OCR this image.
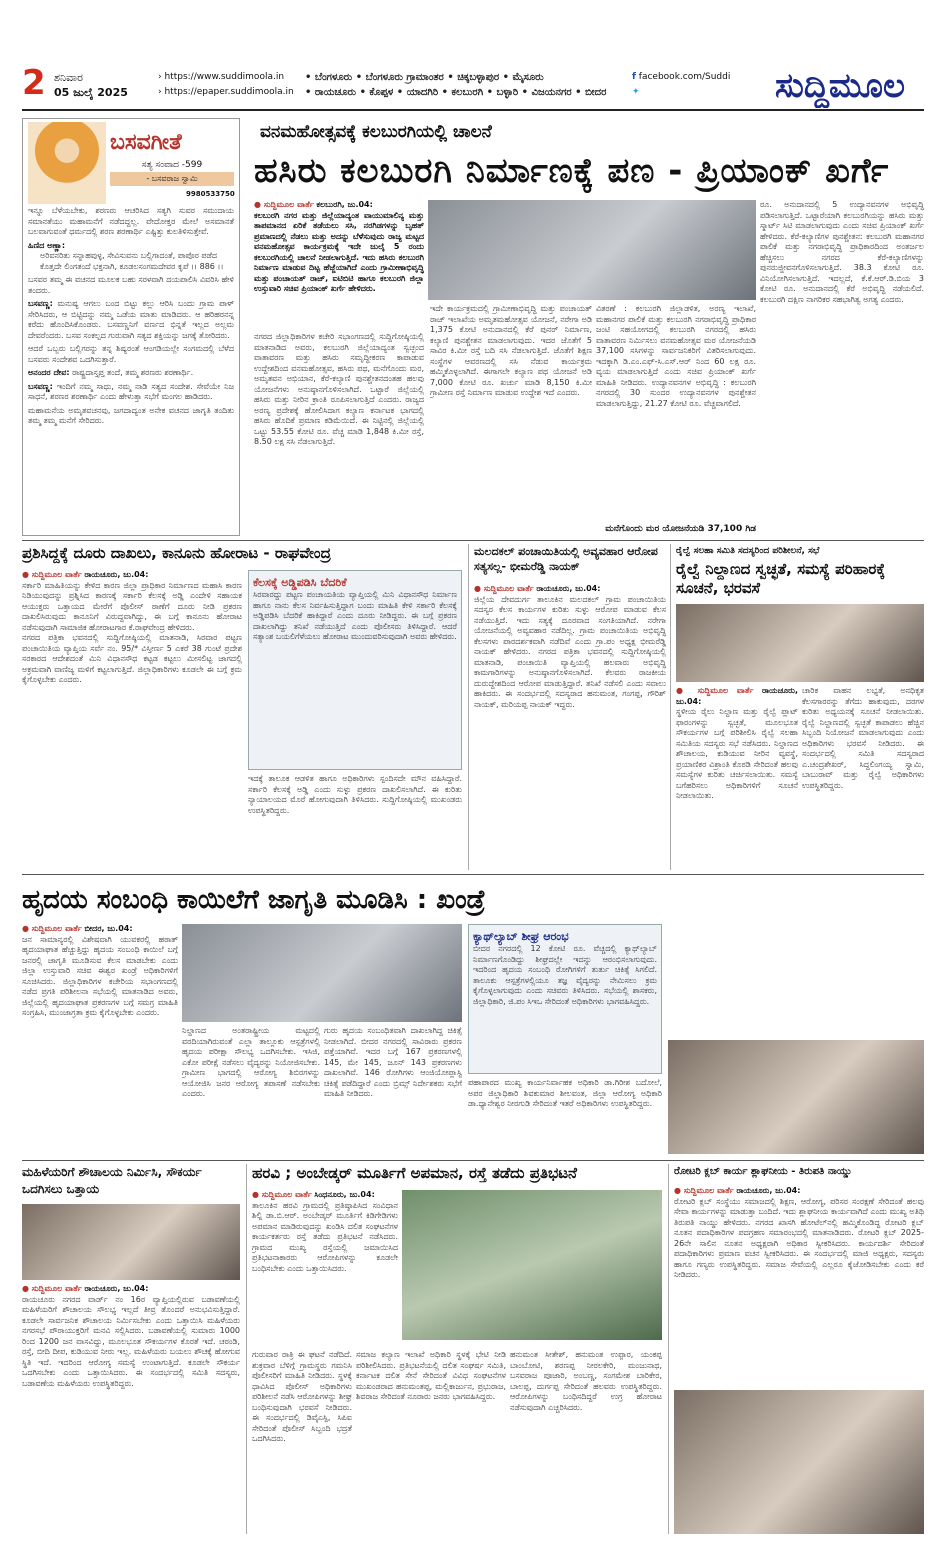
2 ಶನಿವಾರ
05 ಜುಲೈ 2025
› https://www.suddimoola.in
› https://epaper.suddimoola.in
• ಬೆಂಗಳೂರು • ಬೆಂಗಳೂರು ಗ್ರಾಮಾಂತರ • ಚಿಕ್ಕಬಳ್ಳಾಪುರ • ಮೈಸೂರು
• ರಾಯಚೂರು • ಕೊಪ್ಪಳ • ಯಾದಗಿರಿ • ಕಲಬುರಗಿ • ಬಳ್ಳಾರಿ • ವಿಜಯನಗರ • ಬೀದರ
f facebook.com/Suddi
✦	ಸುದ್ದಿಮೂಲ
ಬಸವಗೀತೆ
ಸತ್ಯ ಸಂವಾದ -599
- ಬಸವರಾಜ ಸ್ವಾಮಿ
9980533750

ಇನ್ನೂ ಬೆಳೆಯಬೇಕು, ಶರಣರು ಆಚರಿಸಿದ ಸತ್ಯಗಿ ಸುವರ ಸಮುದಾಯ ಸಮಾನತೆಯು ಮಹಾಮನೆಗೆ ನಡೆದದ್ದಲ್ಲ. ವೇದೋಕ್ತರ ಮೇಲೆ ಅಸಮಾನತೆ ಬಲವಾಗುವಂತೆ ಧರ್ಮದಲ್ಲಿ ಶರಣ ಶರಣಾರ್ಥಿ ಎಷ್ಟಿತ್ತು ಕುಲತಿಳಿಸುತ್ತೇವೆ.

ಹಿಣಿದ ಅಣ್ಣಾ:

ಅರಿವನರಿತು ಸನ್ನಾಹವುಳ್ಳ, ಸೇವಿಸುವನು ಬಲ್ಲಿಗಾದಂತೆ, ಪಾಪೊರ ಪಡೆದ ಕೊತ್ತದೇ ಲಿಂಗತಂದೆ ಭಕ್ತನಾಗಿ, ಕೂಡಲಸಂಗಮದೇವರ ಕೃಪೆ ।। 886 ।।

ಬಸವರ ತಮ್ಮ ಈ ವಚನದ ಮೂಲಕ ಬಹು ಸರಳವಾಗಿ ದಯಪಾಲಿಸಿ ವಿವರಿಸಿ ಹೇಳಿ ತಂದರು.

ಬಸವಣ್ಣ: ಮನುಷ್ಯ ಆಗಲು ಬಂದ ಬಿಟ್ಟು ಕಲ್ಲು ಆರಿಸಿ ಬಂದು ಗ್ರಾಮ ಪಾಳ್ ಸೇರಿಸಿದರು, ಆ ಬಿಟ್ಟಿದನ್ನು ನಮ್ಮ ಒಡೆಯ ಮಾತು ಮಾಡಿದರು. ಆ ಹರಿಹರನನ್ನ ಕರೆದು ಹೊಂದಿಸಿಕೊಂಡರು. ಬಸವಣ್ಣನಿಗೆ ವರ್ಣದ ಭಿನ್ನತೆ ಇಲ್ಲದ ಅಲ್ಲಮ ದೇವರೆಂದರು. ಬಸವ ಸಂಕಲ್ಪದ ಗುರುವಾಗಿ ಸತ್ಯದ ಶಕ್ತಿಯನ್ನು ಜಗಕ್ಕೆ ತೋರಿದರು.

ಆದರೆ ಒಬ್ಬರು ಬಲ್ಲಿಗರನ್ನು ತನ್ನ ಶಿಷ್ಯರಂತೆ ಆಂಗಡಿಯಲ್ಲೇ ಸಂಗಮದಲ್ಲಿ ಬೆಳೆದ ಬಸವರು ಸಂದೇಶವ ಒದಗಿಸುತ್ತಾರೆ.

ಅನಂದರ ದೇವ: ರಾಷ್ಟ್ರದಾಸ್ತೃಪ್ತ ತಂದೆ, ತಮ್ಮ ಶರಣರು ಶರಣಾರ್ಥಿ.

ಬಸವಣ್ಣ: ಇಂದಿಗೆ ನಮ್ಮ ಸಾಧು, ನಮ್ಮ ನಾಡಿ ಸತ್ಯದ ಸಂದೇಶ. ಸೇವೆಯೇ ನಿಜ ಸಾಧನೆ, ಶರಣರ ಶರಣಾರ್ಥಿ ಎಂದು ಹೇಳುತ್ತಾ ಸಭೆಗೆ ಮಂಗಲ ಹಾಡಿದರು.

ಮಹಾಮನೆಯ ಅಮೃತವಚನವು, ಜಗದಾದ್ಯಂತ ಅನೇಕ ವಚನದ ಜಾಗೃತಿ ತಂದಿತು ತಮ್ಮ ತಮ್ಮ ಮನೆಗೆ ಸೇರಿದರು.

ವನಮಹೋತ್ಸವಕ್ಕೆ ಕಲಬುರಗಿಯಲ್ಲಿ ಚಾಲನೆ
ಹಸಿರು ಕಲಬುರಗಿ ನಿರ್ಮಾಣಕ್ಕೆ ಪಣ - ಪ್ರಿಯಾಂಕ್ ಖರ್ಗೆ
● ಸುದ್ದಿಮೂಲ ವಾರ್ತೆ ಕಲಬುರಗಿ, ಜು.04:
ಕಲಬುರಗಿ ನಗರ ಮತ್ತು ಜಿಲ್ಲೆಯಾದ್ಯಂತ ವಾಯುಮಾಲಿನ್ಯ ಮತ್ತು ತಾಪಮಾನದ ಏರಿಕೆ ತಡೆಯಲು ಸಸಿ, ನರಗಿಡಗಳನ್ನು ಬೃಹತ್ ಪ್ರಮಾಣದಲ್ಲಿ ನೆಡಲು ಮತ್ತು ಅದನ್ನು ಬೆಳೆಸುವುದು ರಾಜ್ಯ ಮಟ್ಟದ ವನಮಹೋತ್ಸವ ಕಾರ್ಯಕ್ರಮಕ್ಕೆ ಇದೇ ಜುಲೈ 5 ರಂದು ಕಲಬುರಗಿಯಲ್ಲಿ ಚಾಲನೆ ನೀಡಲಾಗುತ್ತಿದೆ. ಇದು ಹಸಿರು ಕಲಬುರಗಿ ನಿರ್ಮಾಣ ಮಾಡುವ ದಿಟ್ಟ ಹೆಜ್ಜೆಯಾಗಿದೆ ಎಂದು ಗ್ರಾಮೀಣಾಭಿವೃದ್ಧಿ ಮತ್ತು ಪಂಚಾಯತ್ ರಾಜ್, ಐಟಿಬಿಟಿ ಹಾಗೂ ಕಲಬುರಗಿ ಜಿಲ್ಲಾ ಉಸ್ತುವಾರಿ ಸಚಿವ ಪ್ರಿಯಾಂಕ್ ಖರ್ಗೆ ಹೇಳಿದರು.
ನಗರದ ಜಿಲ್ಲಾಧಿಕಾರಿಗಳ ಕಚೇರಿ ಸಭಾಂಗಣದಲ್ಲಿ ಸುದ್ದಿಗೋಷ್ಠಿಯಲ್ಲಿ ಮಾತನಾಡಿದ ಅವರು, ಕಲಬುರಗಿ ಜಿಲ್ಲೆಯಾದ್ಯಂತ ಸ್ವಚ್ಛಂದ ವಾತಾವರಣ ಮತ್ತು ಹಸಿರು ಸಮೃದ್ಧೀಕರಣ ಕಾಪಾಡುವ ಉದ್ದೇಶದಿಂದ ವನಮಹೋತ್ಸವ, ಹಸಿರು ಪಥ, ಮನೆಗೊಂದು ಮರ, ಅಮೃತವನ ಅಭಿಯಾನ, ಕೆರೆ-ಕಲ್ಯಾಣಿ ಪುನಶ್ಚೇತನದಂತಹ ಹಲವು ಯೋಜನೆಗಳು ಅನುಷ್ಠಾನಗೊಳಿಸಲಾಗಿದೆ. ಒಟ್ಟಾರೆ ಜಿಲ್ಲೆಯಲ್ಲಿ ಹಸಿರು ಮತ್ತು ನೀರಿನ ಕ್ರಾಂತಿ ರೂಪಿಸಲಾಗುತ್ತಿದೆ ಎಂದರು. ರಾಜ್ಯದ ಅರಣ್ಯ ಪ್ರದೇಶಕ್ಕೆ ಹೋಲಿಸಿದಾಗ ಕಲ್ಯಾಣ ಕರ್ನಾಟಕ ಭಾಗದಲ್ಲಿ ಹಸಿರು ಹೊದಿಕೆ ಪ್ರಮಾಣ ಕಡಿಮೆಯಿದೆ. ಈ ನಿಟ್ಟಿನಲ್ಲಿ ಜಿಲ್ಲೆಯಲ್ಲಿ ಒಟ್ಟು 53.55 ಕೋಟಿ ರೂ. ವೆಚ್ಚ ಮಾಡಿ 1,848 ಕಿ.ಮೀ ರಸ್ತೆ, 8.50 ಲಕ್ಷ ಸಸಿ ನೆಡಲಾಗುತ್ತಿದೆ.
ಇದೇ ಕಾರ್ಯಕ್ರಮದಲ್ಲಿ ಗ್ರಾಮೀಣಾಭಿವೃದ್ಧಿ ಮತ್ತು ಪಂಚಾಯತ್ ರಾಜ್ ಇಲಾಖೆಯ ಅಮೃತಮಹೋತ್ಸವ ಯೋಜನೆ, ನರೇಗಾ ಅಡಿ 1,375 ಕೋಟಿ ಅನುದಾನದಲ್ಲಿ ಕೆರೆ ಪುನರ್ ನಿರ್ಮಾಣ, ಕಲ್ಯಾಣಿ ಪುನಶ್ಚೇತನ ಮಾಡಲಾಗುವುದು. ಇದರ ಜೊತೆಗೆ 5 ಸಾವಿರ ಕಿ.ಮೀ ರಸ್ತೆ ಬದಿ ಸಸಿ ನೆಡಲಾಗುತ್ತಿದೆ. ಜೊತೆಗೆ ಶಿಕ್ಷಣ ಸಂಸ್ಥೆಗಳ ಆವರಣದಲ್ಲಿ ಸಸಿ ನೆಡುವ ಕಾರ್ಯಕ್ರಮ ಹಮ್ಮಿಕೊಳ್ಳಲಾಗಿದೆ. ಈಗಾಗಲೇ ಕಲ್ಯಾಣ ಪಥ ಯೋಜನೆ ಅಡಿ 7,000 ಕೋಟಿ ರೂ. ಖರ್ಚು ಮಾಡಿ 8,150 ಕಿ.ಮೀ ಗ್ರಾಮೀಣ ರಸ್ತೆ ನಿರ್ಮಾಣ ಮಾಡುವ ಉದ್ದೇಶ ಇದೆ ಎಂದರು.
ವಿತರಣೆ : ಕಲಬುರಗಿ ಜಿಲ್ಲಾಡಳಿತ, ಅರಣ್ಯ ಇಲಾಖೆ, ಮಹಾನಗರ ಪಾಲಿಕೆ ಮತ್ತು ಕಲಬುರಗಿ ನಗರಾಭಿವೃದ್ಧಿ ಪ್ರಾಧಿಕಾರ ಜಂಟಿ ಸಹಯೋಗದಲ್ಲಿ ಕಲಬುರಗಿ ನಗರದಲ್ಲಿ ಹಸಿರು ವಾತಾವರಣ ನಿರ್ಮಿಸಲು ವನಮಹೋತ್ಸವ ಮರ ಯೋಜನೆಯಡಿ 37,100 ಸಸಿಗಳನ್ನು ಸಾರ್ವಜನಿಕರಿಗೆ ವಿತರಿಸಲಾಗುವುದು. ಇದಕ್ಕಾಗಿ ಡಿ.ಎಂ.ಎಫ್-ಸಿ.ಎಸ್.ಆರ್ ನಿಂದ 60 ಲಕ್ಷ ರೂ. ವ್ಯಯ ಮಾಡಲಾಗುತ್ತಿದೆ ಎಂದು ಸಚಿವ ಪ್ರಿಯಾಂಕ್ ಖರ್ಗೆ ಮಾಹಿತಿ ನೀಡಿದರು. ಉದ್ಯಾನವನಗಳ ಅಭಿವೃದ್ಧಿ : ಕಲಬುರಗಿ ನಗರದಲ್ಲಿ 30 ಸುಂದರ ಉದ್ಯಾನವನಗಳ ಪುನಶ್ಚೇತನ ಮಾಡಲಾಗುತ್ತಿದ್ದು, 21.27 ಕೋಟಿ ರೂ. ವೆಚ್ಚವಾಗಲಿದೆ.
ರೂ. ಅನುದಾನದಲ್ಲಿ 5 ಉದ್ಯಾನವನಗಳ ಅಭಿವೃದ್ಧಿ ಪಡಿಸಲಾಗುತ್ತಿದೆ. ಒಟ್ಟಾರೆಯಾಗಿ ಕಲಬುರಗಿಯನ್ನು ಹಸಿರು ಮತ್ತು ಸ್ಮಾರ್ಟ್ ಸಿಟಿ ಮಾಡಲಾಗುವುದು ಎಂದು ಸಚಿವ ಪ್ರಿಯಾಂಕ್ ಖರ್ಗೆ ಹೇಳಿದರು. ಕೆರೆ-ಕಲ್ಯಾಣಿಗಳ ಪುನಶ್ಚೇತನ: ಕಲಬುರಗಿ ಮಹಾನಗರ ಪಾಲಿಕೆ ಮತ್ತು ನಗರಾಭಿವೃದ್ಧಿ ಪ್ರಾಧಿಕಾರದಿಂದ ಅಂತರ್ಜಲ ಹೆಚ್ಚಿಸಲು ನಗರದ ಕೆರೆ-ಕಲ್ಯಾಣಿಗಳನ್ನು ಪುನರುಜ್ಜೀವನಗೊಳಿಸಲಾಗುತ್ತಿದೆ. 38.3 ಕೋಟಿ ರೂ. ವಿನಿಯೋಗಿಸಲಾಗುತ್ತಿದೆ. ಇದಲ್ಲದೆ, ಕೆ.ಕೆ.ಆರ್.ಡಿ.ಬಿಯ 3 ಕೋಟಿ ರೂ. ಅನುದಾನದಲ್ಲಿ ಕೆರೆ ಅಭಿವೃದ್ಧಿ ನಡೆಯಲಿದೆ. ಕಲಬುರಗಿ ದಕ್ಷಿಣ ನಾಗರಿಕರ ಸಹಭಾಗಿತ್ವ ಅಗತ್ಯ ಎಂದರು.
ಮನೆಗೊಂದು ಮರ ಯೋಜನೆಯಡಿ 37,100 ಗಿಡ
ಪ್ರಶಿಸಿದ್ದಕ್ಕೆ ದೂರು ದಾಖಲು, ಕಾನೂನು ಹೋರಾಟ - ರಾಘವೇಂದ್ರ
● ಸುದ್ದಿಮೂಲ ವಾರ್ತೆ ರಾಯಚೂರು, ಜು.04:
ಸರ್ಕಾರಿ ಮಾಹಿತಿಯನ್ನು ಕೇಳಿದ ಕಾರಣ ಜಿಲ್ಲಾ ಪ್ರಾಧಿಕಾರ ನಿರ್ಮಾಣದ ಮಹಾಸಿ ಕಾರಣ ನಿಡಿಯುವುದನ್ನು ಪ್ರಶ್ನಿಸಿದ ಕಾರಣಕ್ಕೆ ಸರ್ಕಾರಿ ಕೆಲಸಕ್ಕೆ ಅಡ್ಡಿ ಎಂದೇಳಿ ಸಹಾಯಕ ಆಯುಕ್ತರು ಒತ್ತಾಯದ ಮೇರೆಗೆ ಪೊಲೀಸ್ ಠಾಣೆಗೆ ದೂರು ನೀಡಿ ಪ್ರಕರಣ ದಾಖಲಿಸಿರುವುದು ಕಾನೂನಿಗೆ ವಿರುದ್ಧವಾಗಿದ್ದು, ಈ ಬಗ್ಗೆ ಕಾನೂನು ಹೋರಾಟ ನಡೆಸುವುದಾಗಿ ಸಾಮಾಜಿಕ ಹೋರಾಟಗಾರ ಕೆ.ರಾಘವೇಂದ್ರ ಹೇಳಿದರು.
ನಗರದ ಪತ್ರಿಕಾ ಭವನದಲ್ಲಿ ಸುದ್ದಿಗೋಷ್ಠಿಯಲ್ಲಿ ಮಾತನಾಡಿ, ಸಿರವಾರ ಪಟ್ಟಣ ಪಂಚಾಯಿತಿಯ ವ್ಯಾಪ್ತಿಯ ಸರ್ವೆ ನಂ. 95/* ವಿಸ್ತೀರ್ಣ 5 ಎಕರೆ 38 ಗುಂಟೆ ಪ್ರದೇಶ ಸರಕಾರದ ಆದೇಶದಂತೆ ಮಿನಿ ವಿಧಾನಸೌಧ ಕಟ್ಟಡ ಕಟ್ಟಲು ಮೀಸಲಿಟ್ಟ ಜಾಗದಲ್ಲಿ ಅಕ್ರಮವಾಗಿ ವಾಣಿಜ್ಯ ಮಳಿಗೆ ಕಟ್ಟಲಾಗುತ್ತಿದೆ. ಜಿಲ್ಲಾಧಿಕಾರಿಗಳು ಕೂಡಲೇ ಈ ಬಗ್ಗೆ ಕ್ರಮ ಕೈಗೊಳ್ಳಬೇಕು ಎಂದರು.
ಕೆಲಸಕ್ಕೆ ಅಡ್ಡಿಪಡಿಸಿ ಬೆದರಿಕೆ
ಸಿರವಾರದ್ದು ಪಟ್ಟಣ ಪಂಚಾಯತಿಯ ವ್ಯಾಪ್ತಿಯಲ್ಲಿ ಮಿನಿ ವಿಧಾನಸೌಧ ನಿರ್ಮಾಣ ಹಾಗೂ ನಾನು ಕೆಲಸ ನಿರ್ವಹಿಸುತ್ತಿದ್ದಾಗ ಬಂದು ಮಾಹಿತಿ ಕೇಳಿ ಸರ್ಕಾರಿ ಕೆಲಸಕ್ಕೆ ಅಡ್ಡಿಪಡಿಸಿ ಬೆದರಿಕೆ ಹಾಕಿದ್ದಾರೆ ಎಂದು ದೂರು ನೀಡಿದ್ದರು. ಈ ಬಗ್ಗೆ ಪ್ರಕರಣ ದಾಖಲಾಗಿದ್ದು ತನಿಖೆ ನಡೆಯುತ್ತಿದೆ ಎಂದು ಪೊಲೀಸರು ತಿಳಿಸಿದ್ದಾರೆ. ಆದರೆ ಸತ್ಯಾಂಶ ಬಯಲಿಗೆಳೆಯಲು ಹೋರಾಟ ಮುಂದುವರಿಸುವುದಾಗಿ ಅವರು ಹೇಳಿದರು.
ಇದಕ್ಕೆ ತಾಲೂಕ ಆಡಳಿತ ಹಾಗೂ ಅಧಿಕಾರಿಗಳು ಸ್ಪಂದಿಸದೇ ಮೌನ ವಹಿಸಿದ್ದಾರೆ. ಸರ್ಕಾರಿ ಕೆಲಸಕ್ಕೆ ಅಡ್ಡಿ ಎಂದು ಸುಳ್ಳು ಪ್ರಕರಣ ದಾಖಲಿಸಲಾಗಿದೆ. ಈ ಕುರಿತು ನ್ಯಾಯಾಲಯದ ಮೊರೆ ಹೋಗುವುದಾಗಿ ತಿಳಿಸಿದರು. ಸುದ್ದಿಗೋಷ್ಠಿಯಲ್ಲಿ ಮುಖಂಡರು ಉಪಸ್ಥಿತರಿದ್ದರು.
ಮಲದಕಲ್ ಪಂಚಾಯಿತಿಯಲ್ಲಿ ಅವ್ಯವಹಾರ ಆರೋಪ ಸತ್ಯಸಲ್ಲ- ಭೀಮರೆಡ್ಡಿ ನಾಯಕ್
● ಸುದ್ದಿಮೂಲ ವಾರ್ತೆ ರಾಯಚೂರು, ಜು.04:
ಜಿಲ್ಲೆಯ ದೇವದುರ್ಗ ತಾಲೂಕಿನ ಮಲದಕಲ್ ಗ್ರಾಮ ಪಂಚಾಯಿತಿಯ ಸದಸ್ಯರ ಕೆಲಸ ಕಾರ್ಯಗಳ ಕುರಿತು ಸುಳ್ಳು ಆರೋಪ ಮಾಡುವ ಕೆಲಸ ನಡೆಯುತ್ತಿದೆ. ಇದು ಸತ್ಯಕ್ಕೆ ದೂರವಾದ ಸಂಗತಿಯಾಗಿದೆ. ನರೇಗಾ ಯೋಜನೆಯಲ್ಲಿ ಅವ್ಯವಹಾರ ನಡೆದಿಲ್ಲ. ಗ್ರಾಮ ಪಂಚಾಯಿತಿಯ ಅಭಿವೃದ್ಧಿ ಕೆಲಸಗಳು ಪಾರದರ್ಶಕವಾಗಿ ನಡೆದಿವೆ ಎಂದು ಗ್ರಾ.ಪಂ ಅಧ್ಯಕ್ಷ ಭೀಮರೆಡ್ಡಿ ನಾಯಕ್ ಹೇಳಿದರು. ನಗರದ ಪತ್ರಿಕಾ ಭವನದಲ್ಲಿ ಸುದ್ದಿಗೋಷ್ಠಿಯಲ್ಲಿ ಮಾತನಾಡಿ, ಪಂಚಾಯಿತಿ ವ್ಯಾಪ್ತಿಯಲ್ಲಿ ಹಲವಾರು ಅಭಿವೃದ್ಧಿ ಕಾಮಗಾರಿಗಳನ್ನು ಅನುಷ್ಠಾನಗೊಳಿಸಲಾಗಿದೆ. ಕೆಲವರು ರಾಜಕೀಯ ದುರುದ್ದೇಶದಿಂದ ಆರೋಪ ಮಾಡುತ್ತಿದ್ದಾರೆ. ತನಿಖೆ ನಡೆಸಲಿ ಎಂದು ಸವಾಲು ಹಾಕಿದರು. ಈ ಸಂದರ್ಭದಲ್ಲಿ ಸದಸ್ಯರಾದ ಹನುಮಂತ, ಗಂಗಪ್ಪ, ಗೌರಿಶ್ ನಾಯಕ್, ಮರಿಯಪ್ಪ ನಾಯಕ್ ಇದ್ದರು.
ರೈಲ್ವೆ ಸಲಹಾ ಸಮಿತಿ ಸದಸ್ಯರಿಂದ ಪರಿಶೀಲನೆ, ಸಭೆ
ರೈಲ್ವೆ ನಿಲ್ದಾಣದ ಸ್ವಚ್ಛತೆ, ಸಮಸ್ಯೆ ಪರಿಹಾರಕ್ಕೆ ಸೂಚನೆ, ಭರವಸೆ
● ಸುದ್ದಿಮೂಲ ವಾರ್ತೆ ರಾಯಚೂರು, ಜು.04:
ಸ್ಥಳೀಯ ರೈಲು ನಿಲ್ದಾಣ ಮತ್ತು ರೈಲ್ವೆ ಪ್ಲಾಟ್ ಫಾರಂಗಳನ್ನು ಸ್ವಚ್ಛತೆ, ಮೂಲಭೂತ ಸೌಕರ್ಯಗಳ ಬಗ್ಗೆ ಪರಿಶೀಲಿಸಿ ರೈಲ್ವೆ ಸಲಹಾ ಸಮಿತಿಯ ಸದಸ್ಯರು ಸಭೆ ನಡೆಸಿದರು. ನಿಲ್ದಾಣದ ಶೌಚಾಲಯ, ಕುಡಿಯುವ ನೀರಿನ ವ್ಯವಸ್ಥೆ, ಪ್ರಯಾಣಿಕರ ವಿಶ್ರಾಂತಿ ಕೊಠಡಿ ಸೇರಿದಂತೆ ಹಲವು ಸಮಸ್ಯೆಗಳ ಕುರಿತು ಚರ್ಚಿಸಲಾಯಿತು. ಸಮಸ್ಯೆ ಬಗೆಹರಿಸಲು ಅಧಿಕಾರಿಗಳಿಗೆ ಸೂಚನೆ ನೀಡಲಾಯಿತು.
ಚಾರಿಕ ವಾಹನ ಲಭ್ಯತೆ, ಅನಧಿಕೃತ ಕೆಲಸಗಾರರನ್ನು ತೆಗೆದು ಹಾಕುವುದು, ದರಗಳ ಕುರಿತು ಅಧ್ಯಯನಕ್ಕೆ ಸೂಚನೆ ನೀಡಲಾಯಿತು. ರೈಲ್ವೆ ನಿಲ್ದಾಣದಲ್ಲಿ ಸ್ವಚ್ಛತೆ ಕಾಪಾಡಲು ಹೆಚ್ಚಿನ ಸಿಬ್ಬಂದಿ ನಿಯೋಜನೆ ಮಾಡಲಾಗುವುದು ಎಂದು ಅಧಿಕಾರಿಗಳು ಭರವಸೆ ನೀಡಿದರು. ಈ ಸಂದರ್ಭದಲ್ಲಿ ಸಮಿತಿ ಸದಸ್ಯರಾದ ಎ.ಚಂದ್ರಶೇಖರ್, ಸಿದ್ದಲಿಂಗಯ್ಯ ಸ್ವಾಮಿ, ಬಾಬುರಾವ್ ಮತ್ತು ರೈಲ್ವೆ ಅಧಿಕಾರಿಗಳು ಉಪಸ್ಥಿತರಿದ್ದರು.
ಹೃದಯ ಸಂಬಂಧಿ ಕಾಯಿಲೆಗೆ ಜಾಗೃತಿ ಮೂಡಿಸಿ : ಖಂಡ್ರೆ
● ಸುದ್ದಿಮೂಲ ವಾರ್ತೆ ಬೀದರ, ಜು.04:
ಜನ ಸಾಮಾನ್ಯರಲ್ಲಿ ವಿಶೇಷವಾಗಿ ಯುವಕರಲ್ಲಿ ಹಠಾತ್ ಹೃದಯಾಘಾತ ಹೆಚ್ಚುತ್ತಿದ್ದು ಹೃದಯ ಸಂಬಂಧಿ ಕಾಯಿಲೆ ಬಗ್ಗೆ ಜನರಲ್ಲಿ ಜಾಗೃತಿ ಮೂಡಿಸುವ ಕೆಲಸ ಮಾಡಬೇಕು ಎಂದು ಜಿಲ್ಲಾ ಉಸ್ತುವಾರಿ ಸಚಿವ ಈಶ್ವರ ಖಂಡ್ರೆ ಅಧಿಕಾರಿಗಳಿಗೆ ಸೂಚಿಸಿದರು. ಜಿಲ್ಲಾಧಿಕಾರಿಗಳ ಕಚೇರಿಯ ಸಭಾಂಗಣದಲ್ಲಿ ನಡೆದ ಪ್ರಗತಿ ಪರಿಶೀಲನಾ ಸಭೆಯಲ್ಲಿ ಮಾತನಾಡಿದ ಅವರು, ಜಿಲ್ಲೆಯಲ್ಲಿ ಹೃದಯಾಘಾತ ಪ್ರಕರಣಗಳ ಬಗ್ಗೆ ಸಮಗ್ರ ಮಾಹಿತಿ ಸಂಗ್ರಹಿಸಿ, ಮುಂಜಾಗ್ರತಾ ಕ್ರಮ ಕೈಗೊಳ್ಳಬೇಕು ಎಂದರು.
ನಿಲ್ದಾಣದ ಅಂತರಾಷ್ಟ್ರೀಯ ಮಟ್ಟದಲ್ಲಿ ವರದಿಯಾಗಿರುವಂತೆ ಎಲ್ಲಾ ತಾಲ್ಲೂಕು ಆಸ್ಪತ್ರೆಗಳಲ್ಲಿ ಹೃದಯ ಪರೀಕ್ಷಾ ಸೌಲಭ್ಯ ಒದಗಿಸಬೇಕು. ಇಸಿಜಿ, ಎಕೋ ಪರೀಕ್ಷೆ ನಡೆಸಲು ವೈದ್ಯರನ್ನು ನಿಯೋಜಿಸಬೇಕು. ಗ್ರಾಮೀಣ ಭಾಗದಲ್ಲಿ ಆರೋಗ್ಯ ಶಿಬಿರಗಳನ್ನು ಆಯೋಜಿಸಿ ಜನರ ಆರೋಗ್ಯ ತಪಾಸಣೆ ನಡೆಸಬೇಕು ಎಂದರು.
ಗುರು ಹೃದಯ ಸಂಬಂಧಿತವಾಗಿ ದಾಖಲಾಗಿದ್ದ ಚಿಕಿತ್ಸೆ ನೀಡಲಾಗಿದೆ. ಬೀದರ ನಗರದಲ್ಲಿ ಸಾವಿರಾರು ಪ್ರಕರಣ ಪತ್ತೆಯಾಗಿವೆ. ಇದರ ಬಗ್ಗೆ 167 ಪ್ರಕರಣಗಳಲ್ಲಿ 145, ಮೇ 145, ಜೂನ್ 143 ಪ್ರಕರಣಗಳು ದಾಖಲಾಗಿವೆ. 146 ರೋಗಿಗಳು ಆಂಜಿಯೋಪ್ಲಾಸ್ಟಿ ಚಿಕಿತ್ಸೆ ಪಡೆದಿದ್ದಾರೆ ಎಂದು ಬ್ರಿಮ್ಸ್ ನಿರ್ದೇಶಕರು ಸಭೆಗೆ ಮಾಹಿತಿ ನೀಡಿದರು.
ಕ್ಯಾಥ್‌ಲ್ಯಾಬ್ ಶೀಘ್ರ ಆರಂಭ
ಬೀದರ ನಗರದಲ್ಲಿ 12 ಕೋಟಿ ರೂ. ವೆಚ್ಚದಲ್ಲಿ ಕ್ಯಾಥ್‌ಲ್ಯಾಬ್ ನಿರ್ಮಾಣಗೊಂಡಿದ್ದು ಶೀಘ್ರದಲ್ಲೇ ಇದನ್ನು ಆರಂಭಿಸಲಾಗುವುದು. ಇದರಿಂದ ಹೃದಯ ಸಂಬಂಧಿ ರೋಗಿಗಳಿಗೆ ತುರ್ತು ಚಿಕಿತ್ಸೆ ಸಿಗಲಿದೆ. ತಾಲೂಕು ಆಸ್ಪತ್ರೆಗಳಲ್ಲಿಯೂ ತಜ್ಞ ವೈದ್ಯರನ್ನು ನೇಮಿಸಲು ಕ್ರಮ ಕೈಗೊಳ್ಳಲಾಗುವುದು ಎಂದು ಸಚಿವರು ತಿಳಿಸಿದರು. ಸಭೆಯಲ್ಲಿ ಶಾಸಕರು, ಜಿಲ್ಲಾಧಿಕಾರಿ, ಜಿ.ಪಂ ಸಿಇಒ ಸೇರಿದಂತೆ ಅಧಿಕಾರಿಗಳು ಭಾಗವಹಿಸಿದ್ದರು.
ಪಹಾಪಾರದ ಮುಖ್ಯ ಕಾರ್ಯನಿರ್ವಾಹಕ ಅಧಿಕಾರಿ ಡಾ.ಗಿರೀಶ ಬದೋಲೆ, ಅಪರ ಜಿಲ್ಲಾಧಿಕಾರಿ ಶಿವಕುಮಾರ ಶೀಲವಂತ, ಜಿಲ್ಲಾ ಆರೋಗ್ಯ ಅಧಿಕಾರಿ ಡಾ.ಧ್ಯಾನೇಶ್ವರ ನೀರಗುಡಿ ಸೇರಿದಂತೆ ಇತರೆ ಅಧಿಕಾರಿಗಳು ಉಪಸ್ಥಿತರಿದ್ದರು.
ಮಹಿಳೆಯರಿಗೆ ಶೌಚಾಲಯ ನಿರ್ಮಿಸಿ, ಸೌಕರ್ಯ ಒದಗಿಸಲು ಒತ್ತಾಯ
● ಸುದ್ದಿಮೂಲ ವಾರ್ತೆ ರಾಯಚೂರು, ಜು.04:
ರಾಯಚೂರು ನಗರದ ವಾರ್ಡ್ ನಂ 16ರ ವ್ಯಾಪ್ತಿಯಲ್ಲಿರುವ ಬಡಾವಣೆಯಲ್ಲಿ ಮಹಿಳೆಯರಿಗೆ ಶೌಚಾಲಯ ಸೌಲಭ್ಯ ಇಲ್ಲದೆ ತೀವ್ರ ತೊಂದರೆ ಅನುಭವಿಸುತ್ತಿದ್ದಾರೆ. ಕೂಡಲೇ ಸಾರ್ವಜನಿಕ ಶೌಚಾಲಯ ನಿರ್ಮಿಸಬೇಕು ಎಂದು ಒತ್ತಾಯಿಸಿ ಮಹಿಳೆಯರು ನಗರಸಭೆ ಪೌರಾಯುಕ್ತರಿಗೆ ಮನವಿ ಸಲ್ಲಿಸಿದರು. ಬಡಾವಣೆಯಲ್ಲಿ ಸುಮಾರು 1000 ರಿಂದ 1200 ಜನ ವಾಸವಿದ್ದು, ಮೂಲಭೂತ ಸೌಕರ್ಯಗಳ ಕೊರತೆ ಇದೆ. ಚರಂಡಿ, ರಸ್ತೆ, ಬೀದಿ ದೀಪ, ಕುಡಿಯುವ ನೀರು ಇಲ್ಲ. ಮಹಿಳೆಯರು ಬಯಲು ಶೌಚಕ್ಕೆ ಹೋಗುವ ಸ್ಥಿತಿ ಇದೆ. ಇದರಿಂದ ಆರೋಗ್ಯ ಸಮಸ್ಯೆ ಉಂಟಾಗುತ್ತಿದೆ. ಕೂಡಲೇ ಸೌಕರ್ಯ ಒದಗಿಸಬೇಕು ಎಂದು ಒತ್ತಾಯಿಸಿದರು. ಈ ಸಂದರ್ಭದಲ್ಲಿ ಸಮಿತಿ ಸದಸ್ಯರು, ಬಡಾವಣೆಯ ಮಹಿಳೆಯರು ಉಪಸ್ಥಿತರಿದ್ದರು.
ಹರವಿ ; ಅಂಬೇಡ್ಕರ್ ಮೂರ್ತಿಗೆ ಅಪಮಾನ, ರಸ್ತೆ ತಡೆದು ಪ್ರತಿಭಟನೆ
● ಸುದ್ದಿಮೂಲ ವಾರ್ತೆ ಸಿಂಧನೂರು, ಜು.04:
ತಾಲೂಕಿನ ಹರವಿ ಗ್ರಾಮದಲ್ಲಿ ಪ್ರತಿಷ್ಠಾಪಿಸಿದ ಸಂವಿಧಾನ ಶಿಲ್ಪಿ ಡಾ.ಬಿ.ಆರ್. ಅಂಬೇಡ್ಕರ್ ಮೂರ್ತಿಗೆ ಕಿಡಿಗೇಡಿಗಳು ಅಪಮಾನ ಮಾಡಿರುವುದನ್ನು ಖಂಡಿಸಿ ದಲಿತ ಸಂಘಟನೆಗಳ ಕಾರ್ಯಕರ್ತರು ರಸ್ತೆ ತಡೆದು ಪ್ರತಿಭಟನೆ ನಡೆಸಿದರು. ಗ್ರಾಮದ ಮುಖ್ಯ ರಸ್ತೆಯಲ್ಲಿ ಜಮಾಯಿಸಿದ ಪ್ರತಿಭಟನಾಕಾರರು ಆರೋಪಿಗಳನ್ನು ಕೂಡಲೇ ಬಂಧಿಸಬೇಕು ಎಂದು ಒತ್ತಾಯಿಸಿದರು.
ಗುರುವಾರ ರಾತ್ರಿ ಈ ಘಟನೆ ನಡೆದಿದೆ. ಶುಕ್ರವಾರ ಬೆಳಿಗ್ಗೆ ಗ್ರಾಮಸ್ಥರು ಗಮನಿಸಿ ಪೊಲೀಸರಿಗೆ ಮಾಹಿತಿ ನೀಡಿದರು. ಸ್ಥಳಕ್ಕೆ ಧಾವಿಸಿದ ಪೊಲೀಸ್ ಅಧಿಕಾರಿಗಳು ಪರಿಶೀಲನೆ ನಡೆಸಿ ಆರೋಪಿಗಳನ್ನು ಶೀಘ್ರ ಬಂಧಿಸುವುದಾಗಿ ಭರವಸೆ ನೀಡಿದರು. ಈ ಸಂದರ್ಭದಲ್ಲಿ ಡಿವೈಎಸ್ಪಿ, ಸಿಪಿಐ ಸೇರಿದಂತೆ ಪೊಲೀಸ್ ಸಿಬ್ಬಂದಿ ಭದ್ರತೆ ಒದಗಿಸಿದರು.
ಸಮಾಜ ಕಲ್ಯಾಣ ಇಲಾಖೆ ಅಧಿಕಾರಿ ಸ್ಥಳಕ್ಕೆ ಭೇಟಿ ನೀಡಿ ಪರಿಶೀಲಿಸಿದರು. ಪ್ರತಿಭಟನೆಯಲ್ಲಿ ದಲಿತ ಸಂಘರ್ಷ ಸಮಿತಿ, ಕರ್ನಾಟಕ ದಲಿತ ಸೇನೆ ಸೇರಿದಂತೆ ವಿವಿಧ ಸಂಘಟನೆಗಳ ಮುಖಂಡರಾದ ಹನುಮಂತಪ್ಪ, ಮಲ್ಲಿಕಾರ್ಜುನ, ಪ್ರಭುರಾಜ, ಶಿವರಾಜ ಸೇರಿದಂತೆ ನೂರಾರು ಜನರು ಭಾಗವಹಿಸಿದ್ದರು.
ಹನುಮಂತ ಸೀತೇಶ್, ಹನುಮಂತ ಉಪ್ಪಾರ, ಯಂಕಪ್ಪ ಬಾಂಬೋಟಿ, ಶರಣಪ್ಪ ನೀರಲಕೇರಿ, ಮಂಜುನಾಥ, ಬಸವರಾಜ ಪೂಜಾರಿ, ಅಂಬಣ್ಣ, ಸಂಗಮೇಶ ಬಾರಿಕೇರ, ಬಾಲಪ್ಪ, ದುರ್ಗಪ್ಪ ಸೇರಿದಂತೆ ಹಲವರು ಉಪಸ್ಥಿತರಿದ್ದರು. ಆರೋಪಿಗಳನ್ನು ಬಂಧಿಸದಿದ್ದರೆ ಉಗ್ರ ಹೋರಾಟ ನಡೆಸುವುದಾಗಿ ಎಚ್ಚರಿಸಿದರು.
ರೋಟರಿ ಕ್ಲಬ್ ಕಾರ್ಯ ಶ್ಲಾಘನೀಯ - ತಿರುಪತಿ ನಾಯ್ಡು
● ಸುದ್ದಿಮೂಲ ವಾರ್ತೆ ರಾಯಚೂರು, ಜು.04:
ರೋಟರಿ ಕ್ಲಬ್ ಸಂಸ್ಥೆಯು ಸಮಾಜದಲ್ಲಿ ಶಿಕ್ಷಣ, ಆರೋಗ್ಯ, ಪರಿಸರ ಸಂರಕ್ಷಣೆ ಸೇರಿದಂತೆ ಹಲವು ಸೇವಾ ಕಾರ್ಯಗಳನ್ನು ಮಾಡುತ್ತಾ ಬಂದಿದೆ. ಇದು ಶ್ಲಾಘನೀಯ ಕಾರ್ಯವಾಗಿದೆ ಎಂದು ಮುಖ್ಯ ಅತಿಥಿ ತಿರುಪತಿ ನಾಯ್ಡು ಹೇಳಿದರು. ನಗರದ ಖಾಸಗಿ ಹೋಟೆಲ್‌ನಲ್ಲಿ ಹಮ್ಮಿಕೊಂಡಿದ್ದ ರೋಟರಿ ಕ್ಲಬ್ ನೂತನ ಪದಾಧಿಕಾರಿಗಳ ಪದಗ್ರಹಣ ಸಮಾರಂಭದಲ್ಲಿ ಮಾತನಾಡಿದರು. ರೋಟರಿ ಕ್ಲಬ್ 2025-26ನೇ ಸಾಲಿನ ನೂತನ ಅಧ್ಯಕ್ಷರಾಗಿ ಅಧಿಕಾರ ಸ್ವೀಕರಿಸಿದರು. ಕಾರ್ಯದರ್ಶಿ ಸೇರಿದಂತೆ ಪದಾಧಿಕಾರಿಗಳು ಪ್ರಮಾಣ ವಚನ ಸ್ವೀಕರಿಸಿದರು. ಈ ಸಂದರ್ಭದಲ್ಲಿ ಮಾಜಿ ಅಧ್ಯಕ್ಷರು, ಸದಸ್ಯರು ಹಾಗೂ ಗಣ್ಯರು ಉಪಸ್ಥಿತರಿದ್ದರು. ಸಮಾಜ ಸೇವೆಯಲ್ಲಿ ಎಲ್ಲರೂ ಕೈಜೋಡಿಸಬೇಕು ಎಂದು ಕರೆ ನೀಡಿದರು.
